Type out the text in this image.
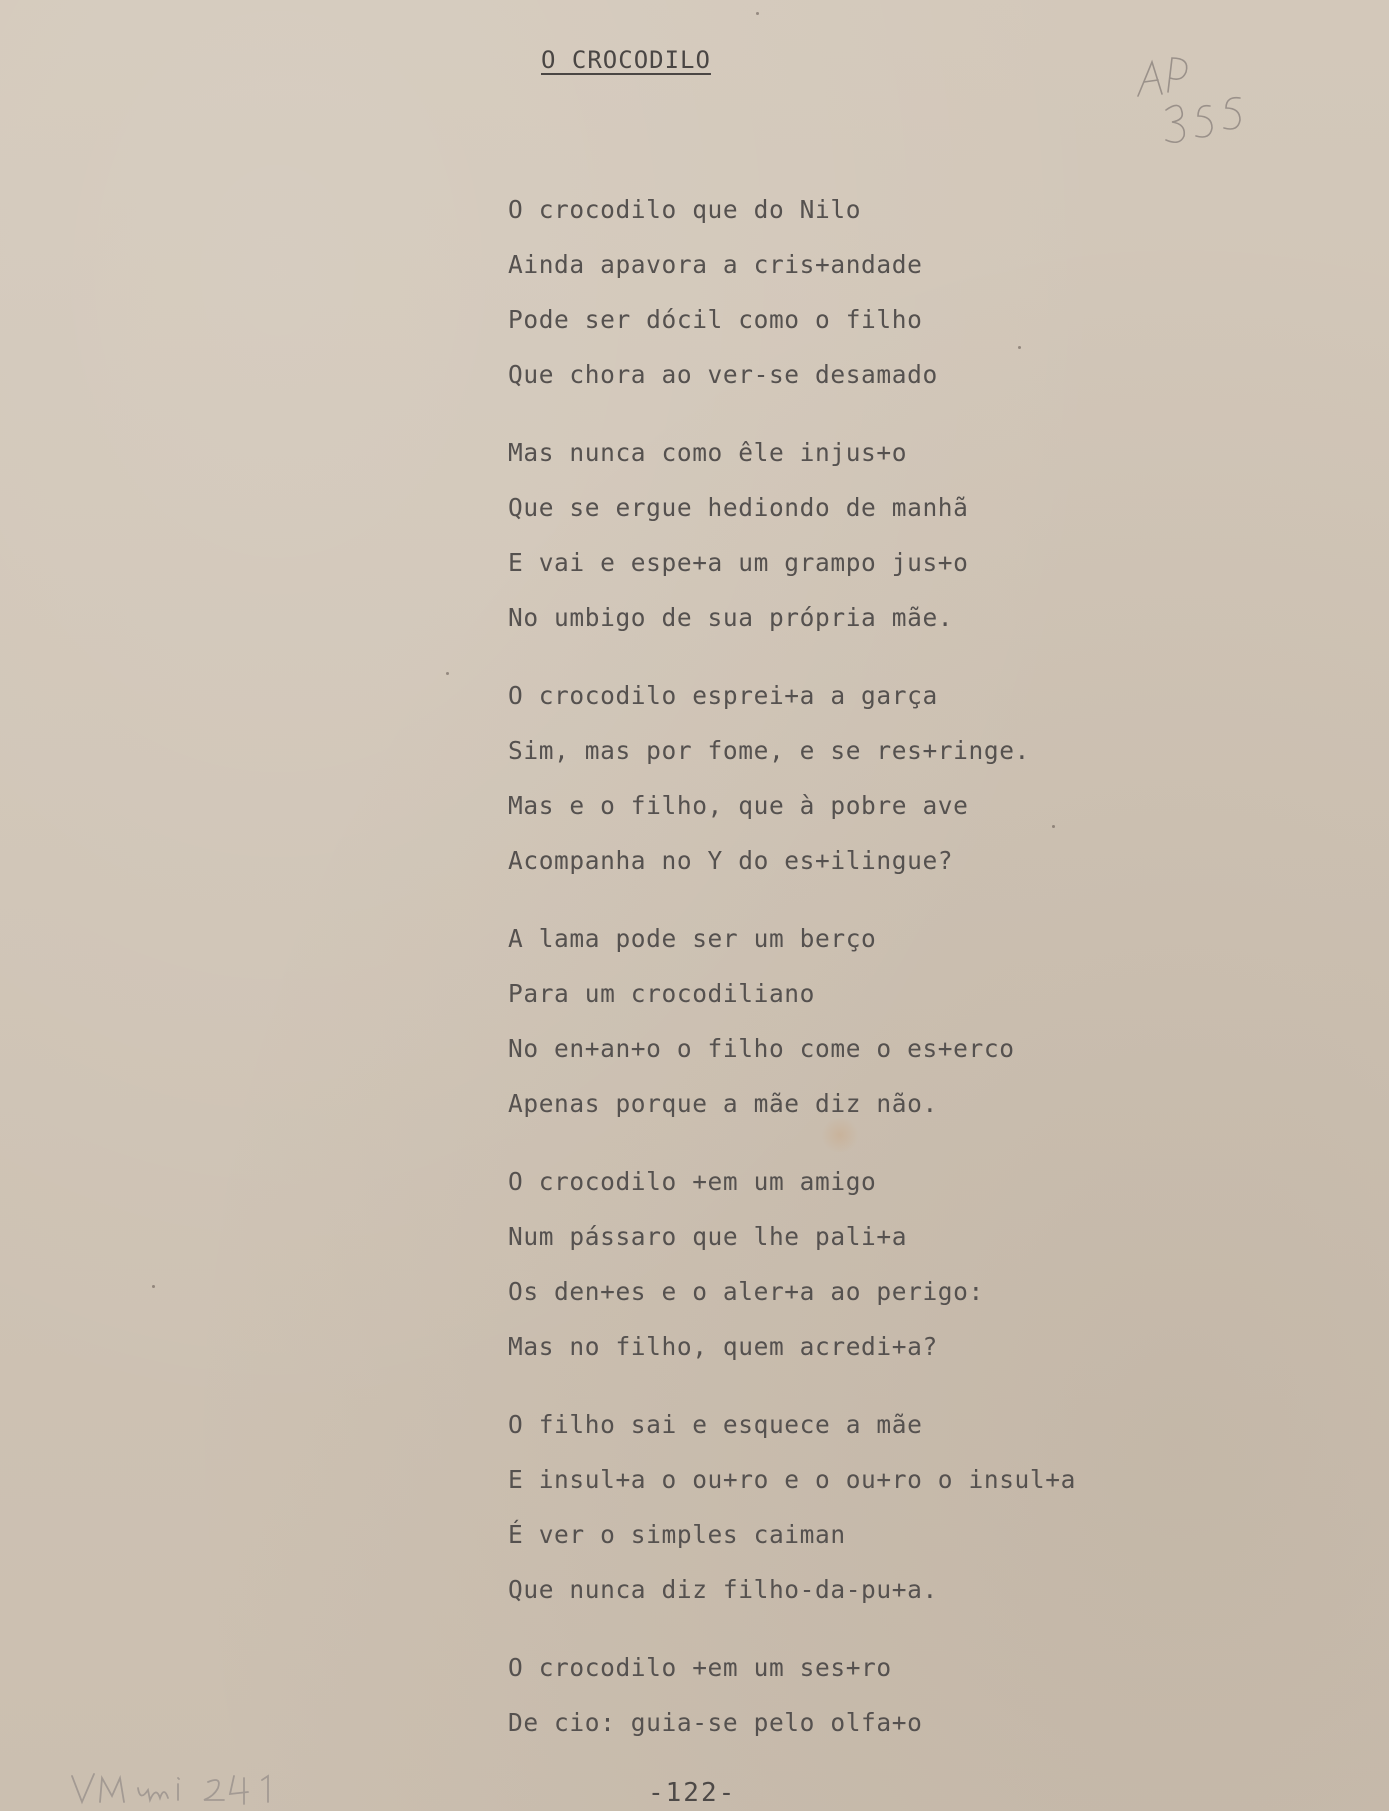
O CROCODILO
O crocodilo que do Nilo
Ainda apavora a cris+andade
Pode ser dócil como o filho
Que chora ao ver-se desamado
Mas nunca como êle injus+o
Que se ergue hediondo de manhã
E vai e espe+a um grampo jus+o
No umbigo de sua própria mãe.
O crocodilo esprei+a a garça
Sim, mas por fome, e se res+ringe.
Mas e o filho, que à pobre ave
Acompanha no Y do es+ilingue?
A lama pode ser um berço
Para um crocodiliano
No en+an+o o filho come o es+erco
Apenas porque a mãe diz não.
O crocodilo +em um amigo
Num pássaro que lhe pali+a
Os den+es e o aler+a ao perigo:
Mas no filho, quem acredi+a?
O filho sai e esquece a mãe
E insul+a o ou+ro e o ou+ro o insul+a
É ver o simples caiman
Que nunca diz filho-da-pu+a.
O crocodilo +em um ses+ro
De cio: guia-se pelo olfa+o
-122-
